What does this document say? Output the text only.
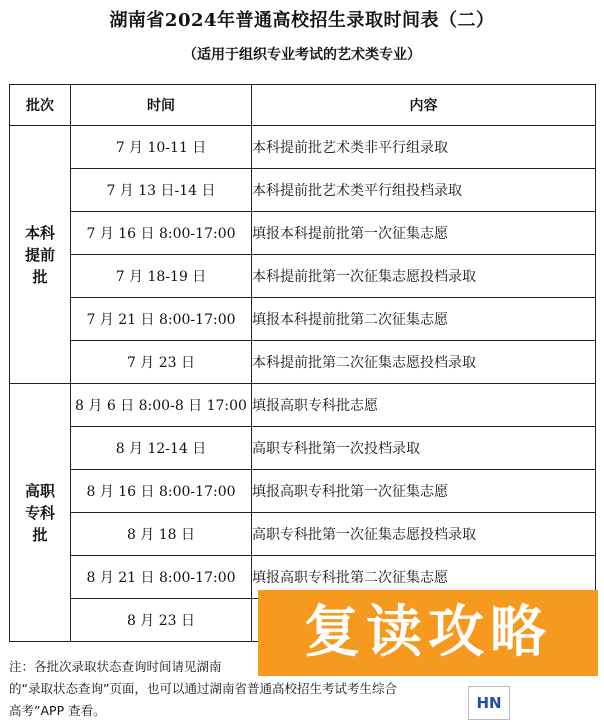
湖南省2024年普通高校招生录取时间表（二）
（适用于组织专业考试的艺术类专业）
批次	时间	内容
本科
提前
批	7 月 10-11 日	本科提前批艺术类非平行组录取
	7 月 13 日-14 日	本科提前批艺术类平行组投档录取
	7 月 16 日 8:00-17:00	填报本科提前批第一次征集志愿
	7 月 18-19 日	本科提前批第一次征集志愿投档录取
	7 月 21 日 8:00-17:00	填报本科提前批第二次征集志愿
	7 月 23 日	本科提前批第二次征集志愿投档录取
高职
专科
批	8 月 6 日 8:00-8 日 17:00	填报高职专科批志愿
	8 月 12-14 日	高职专科批第一次投档录取
	8 月 16 日 8:00-17:00	填报高职专科批第一次征集志愿
	8 月 18 日	高职专科批第一次征集志愿投档录取
	8 月 21 日 8:00-17:00	填报高职专科批第二次征集志愿
	8 月 23 日	
注：各批次录取状态查询时间请见湖南
的“录取状态查询”页面，也可以通过湖南省普通高校招生考试考生综合
高考”APP 查看。
复读攻略
HN
